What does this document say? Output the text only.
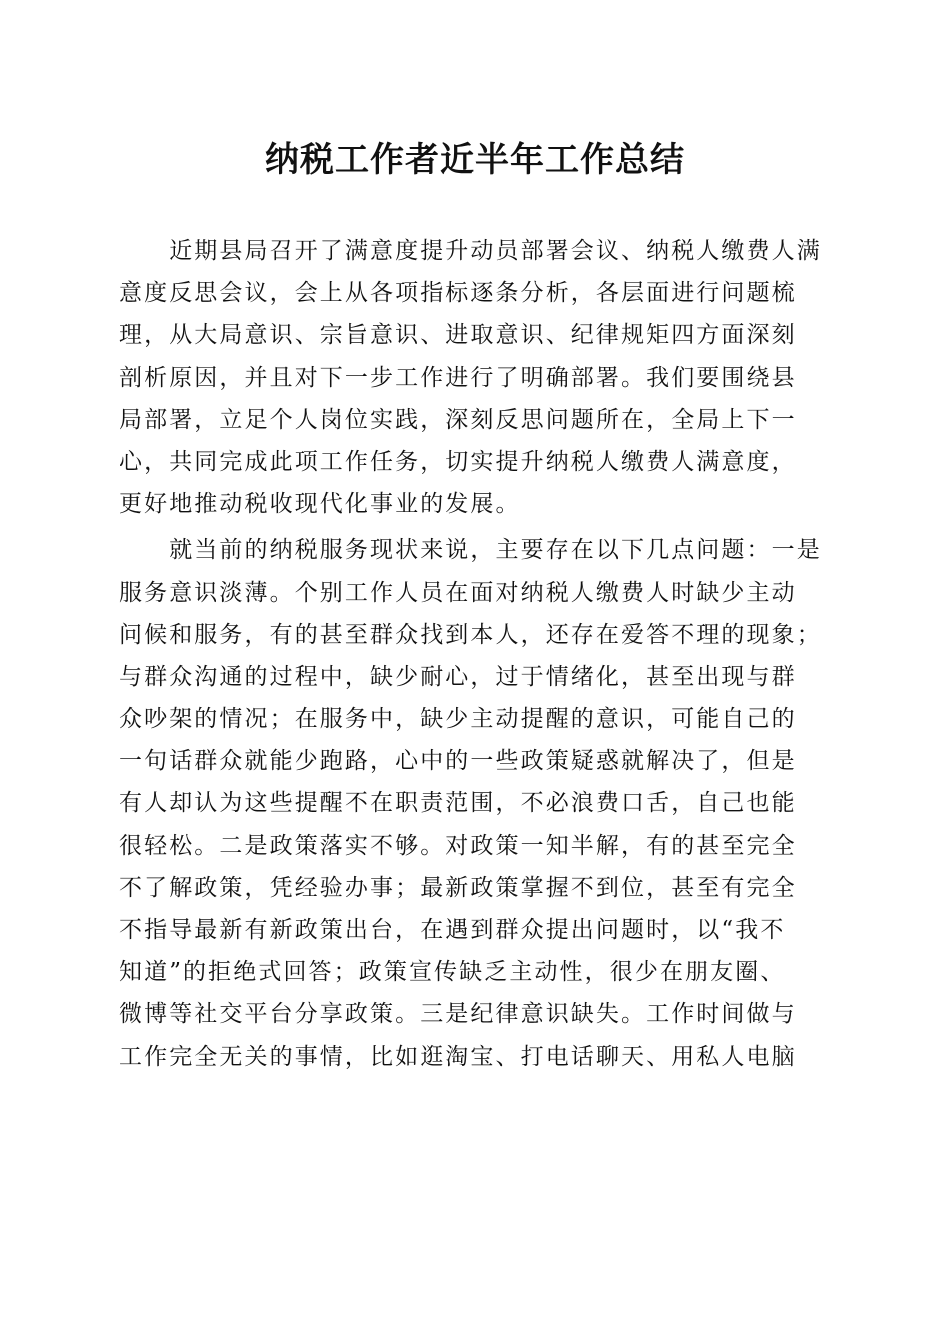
纳税工作者近半年工作总结
　　近期县局召开了满意度提升动员部署会议、纳税人缴费人满
意度反思会议，会上从各项指标逐条分析，各层面进行问题梳
理，从大局意识、宗旨意识、进取意识、纪律规矩四方面深刻
剖析原因，并且对下一步工作进行了明确部署。我们要围绕县
局部署，立足个人岗位实践，深刻反思问题所在，全局上下一
心，共同完成此项工作任务，切实提升纳税人缴费人满意度，
更好地推动税收现代化事业的发展。
　　就当前的纳税服务现状来说，主要存在以下几点问题：一是
服务意识淡薄。个别工作人员在面对纳税人缴费人时缺少主动
问候和服务，有的甚至群众找到本人，还存在爱答不理的现象；
与群众沟通的过程中，缺少耐心，过于情绪化，甚至出现与群
众吵架的情况；在服务中，缺少主动提醒的意识，可能自己的
一句话群众就能少跑路，心中的一些政策疑惑就解决了，但是
有人却认为这些提醒不在职责范围，不必浪费口舌，自己也能
很轻松。二是政策落实不够。对政策一知半解，有的甚至完全
不了解政策，凭经验办事；最新政策掌握不到位，甚至有完全
不指导最新有新政策出台，在遇到群众提出问题时，以“我不
知道”的拒绝式回答；政策宣传缺乏主动性，很少在朋友圈、
微博等社交平台分享政策。三是纪律意识缺失。工作时间做与
工作完全无关的事情，比如逛淘宝、打电话聊天、用私人电脑
